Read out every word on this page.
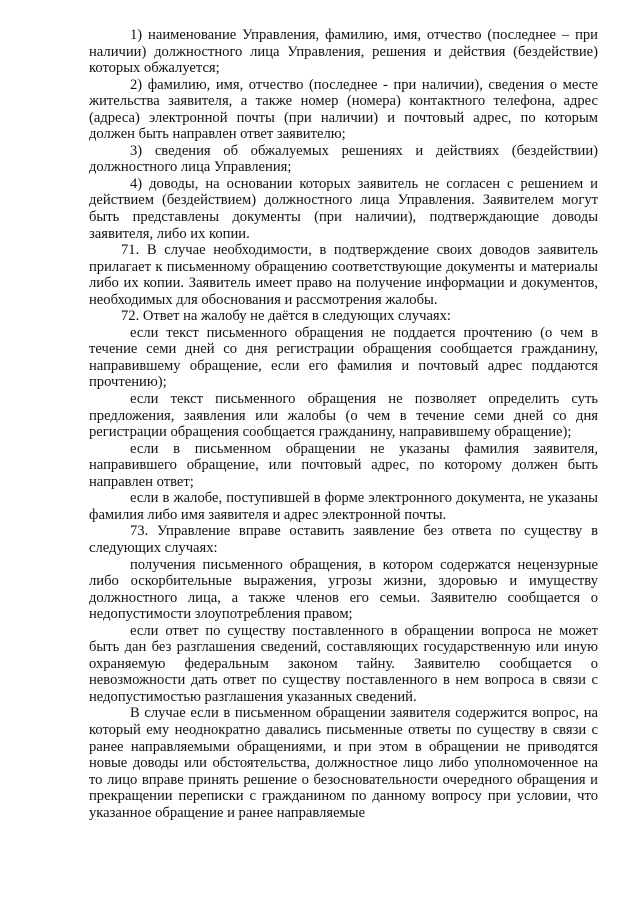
1) наименование Управления, фамилию, имя, отчество (последнее – при наличии) должностного лица Управления, решения и действия (бездействие) которых обжалуется;

2) фамилию, имя, отчество (последнее - при наличии), сведения о месте жительства заявителя, а также номер (номера) контактного телефона, адрес (адреса) электронной почты (при наличии) и почтовый адрес, по которым должен быть направлен ответ заявителю;

3) сведения об обжалуемых решениях и действиях (бездействии) должностного лица Управления;

4) доводы, на основании которых заявитель не согласен с решением и действием (бездействием) должностного лица Управления. Заявителем могут быть представлены документы (при наличии), подтверждающие доводы заявителя, либо их копии.

71. В случае необходимости, в подтверждение своих доводов заявитель прилагает к письменному обращению соответствующие документы и материалы либо их копии. Заявитель имеет право на получение информации и документов, необходимых для обоснования и рассмотрения жалобы.

72. Ответ на жалобу не даётся в следующих случаях:

если текст письменного обращения не поддается прочтению (о чем в течение семи дней со дня регистрации обращения сообщается гражданину, направившему обращение, если его фамилия и почтовый адрес поддаются прочтению);

если текст письменного обращения не позволяет определить суть предложения, заявления или жалобы (о чем в течение семи дней со дня регистрации обращения сообщается гражданину, направившему обращение);

если в письменном обращении не указаны фамилия заявителя, направившего обращение, или почтовый адрес, по которому должен быть направлен ответ;

если в жалобе, поступившей в форме электронного документа, не указаны фамилия либо имя заявителя и адрес электронной почты.

73. Управление вправе оставить заявление без ответа по существу в следующих случаях:

получения письменного обращения, в котором содержатся нецензурные либо оскорбительные выражения, угрозы жизни, здоровью и имуществу должностного лица, а также членов его семьи. Заявителю сообщается о недопустимости злоупотребления правом;

если ответ по существу поставленного в обращении вопроса не может быть дан без разглашения сведений, составляющих государственную или иную охраняемую федеральным законом тайну. Заявителю сообщается о невозможности дать ответ по существу поставленного в нем вопроса в связи с недопустимостью разглашения указанных сведений.

В случае если в письменном обращении заявителя содержится вопрос, на который ему неоднократно давались письменные ответы по существу в связи с ранее направляемыми обращениями, и при этом в обращении не приводятся новые доводы или обстоятельства, должностное лицо либо уполномоченное на то лицо вправе принять решение о безосновательности очередного обращения и прекращении переписки с гражданином по данному вопросу при условии, что указанное обращение и ранее направляемые
